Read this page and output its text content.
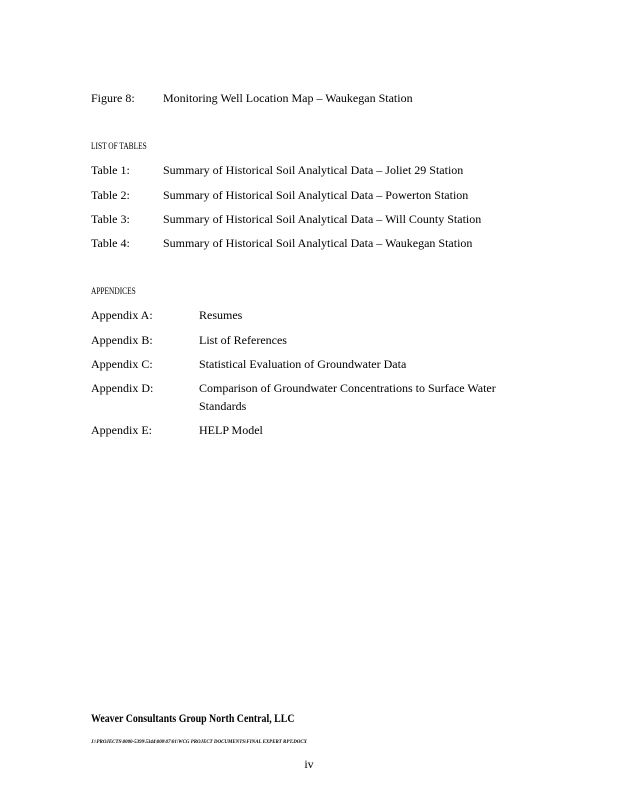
Figure 8: Monitoring Well Location Map – Waukegan Station
LIST OF TABLES
Table 1:	Summary of Historical Soil Analytical Data – Joliet 29 Station
Table 2:	Summary of Historical Soil Analytical Data – Powerton Station
Table 3:	Summary of Historical Soil Analytical Data – Will County Station
Table 4:	Summary of Historical Soil Analytical Data – Waukegan Station
APPENDICES
Appendix A:	Resumes
Appendix B:	List of References
Appendix C:	Statistical Evaluation of Groundwater Data
Appendix D:	Comparison of Groundwater Concentrations to Surface Water
Standards
Appendix E:	HELP Model
Weaver Consultants Group North Central, LLC
J:\PROJECTS\0000-5399\5344\000\07\01\WCG PROJECT DOCUMENTS\FINAL EXPERT RPT.DOCX
iv
